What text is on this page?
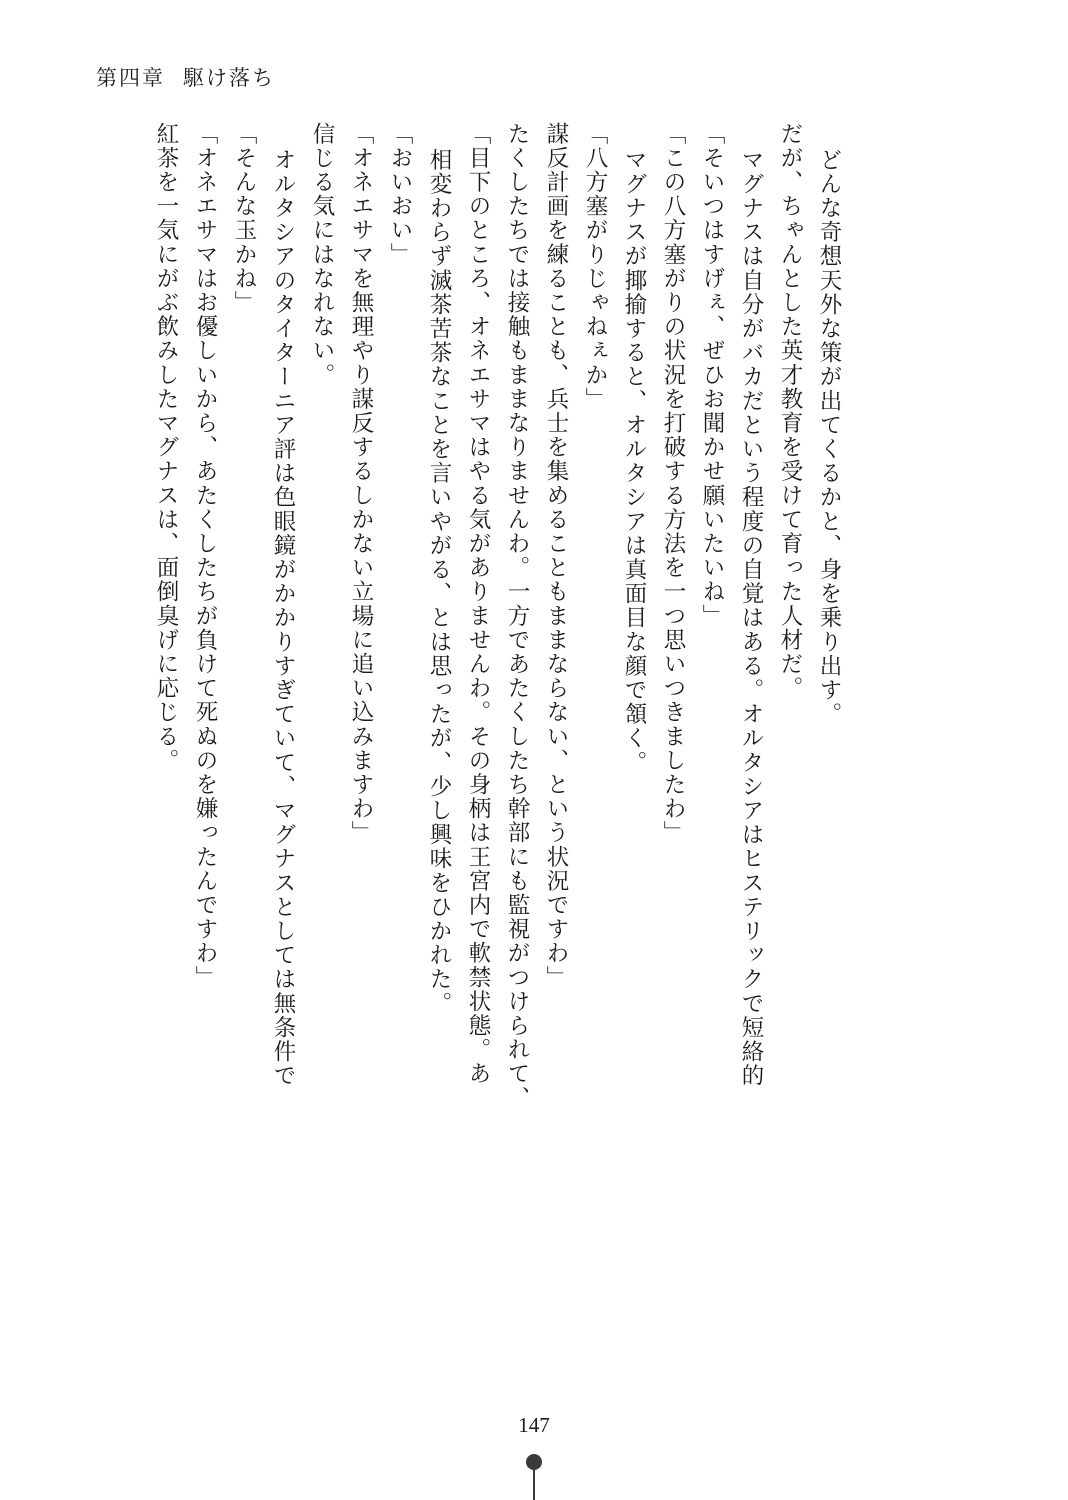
第四章 駆け落ち
紅茶を一気にがぶ飲みしたマグナスは、面倒臭げに応じる。 「オネエサマはお優しいから、あたくしたちが負けて死ぬのを嫌ったんですわ」 「そんな玉かね」 オルタシアのタイターニア評は色眼鏡がかかりすぎていて、マグナスとしては無条件で 信じる気にはなれない。 「オネエサマを無理やり謀反するしかない立場に追い込みますわ」 「おいおい」 相変わらず滅茶苦茶なことを言いやがる、とは思ったが、少し興味をひかれた。 「目下のところ、オネエサマはやる気がありませんわ。その身柄は王宮内で軟禁状態。あ たくしたちでは接触もままなりませんわ。一方であたくしたち幹部にも監視がつけられて、 謀反計画を練ることも、兵士を集めることもままならない、という状況ですわ」 「八方塞がりじゃねぇか」 マグナスが揶揄すると、オルタシアは真面目な顔で頷く。 「この八方塞がりの状況を打破する方法を一つ思いつきましたわ」 「そいつはすげぇ、ぜひお聞かせ願いたいね」 マグナスは自分がバカだという程度の自覚はある。オルタシアはヒステリックで短絡的 だが、ちゃんとした英才教育を受けて育った人材だ。 どんな奇想天外な策が出てくるかと、身を乗り出す。
147
